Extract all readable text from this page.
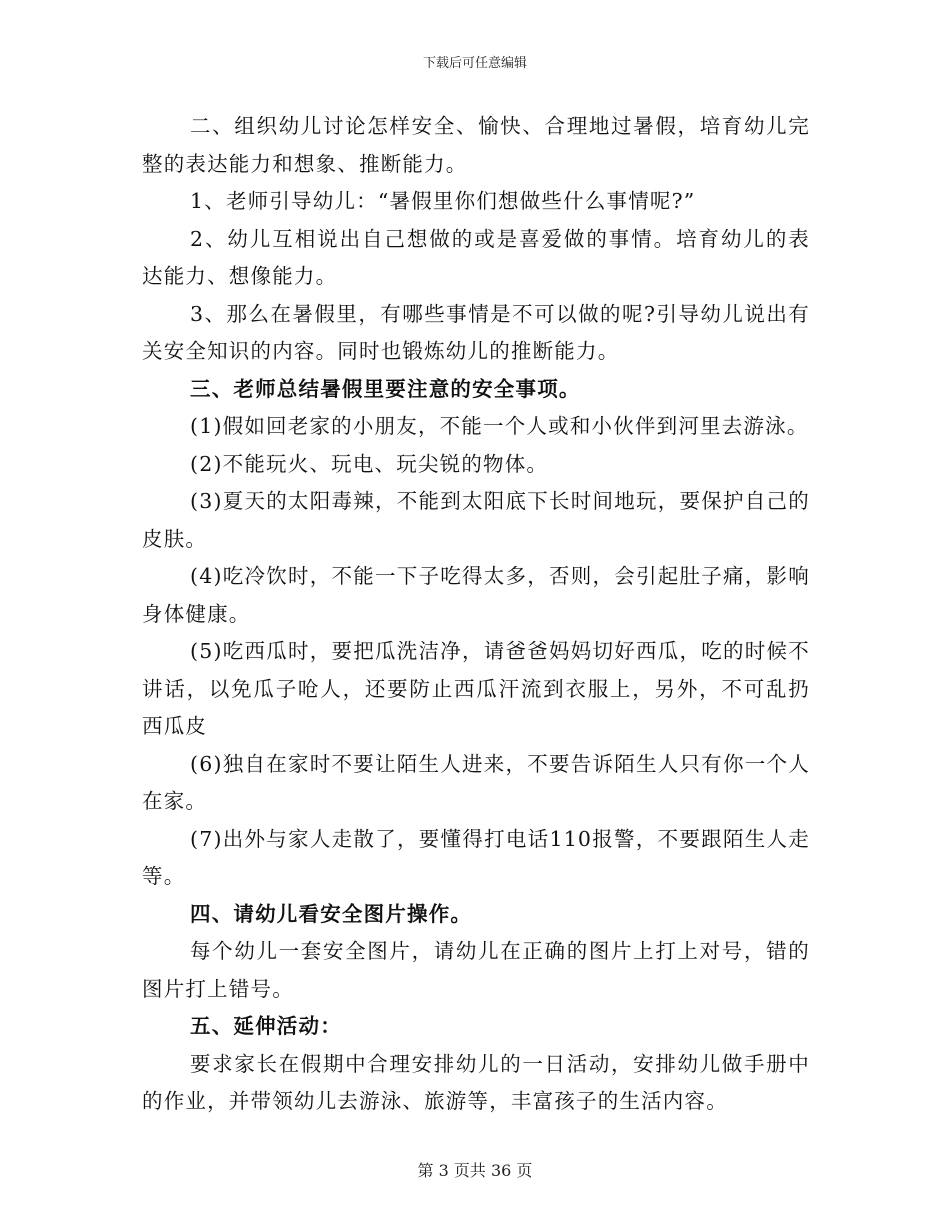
下载后可任意编辑

二、组织幼儿讨论怎样安全、愉快、合理地过暑假，培育幼儿完整的表达能力和想象、推断能力。

1、老师引导幼儿：“暑假里你们想做些什么事情呢?”

2、幼儿互相说出自己想做的或是喜爱做的事情。培育幼儿的表达能力、想像能力。

3、那么在暑假里，有哪些事情是不可以做的呢?引导幼儿说出有关安全知识的内容。同时也锻炼幼儿的推断能力。

三、老师总结暑假里要注意的安全事项。

(1)假如回老家的小朋友，不能一个人或和小伙伴到河里去游泳。

(2)不能玩火、玩电、玩尖锐的物体。

(3)夏天的太阳毒辣，不能到太阳底下长时间地玩，要保护自己的皮肤。

(4)吃冷饮时，不能一下子吃得太多，否则，会引起肚子痛，影响身体健康。

(5)吃西瓜时，要把瓜洗洁净，请爸爸妈妈切好西瓜，吃的时候不讲话，以免瓜子呛人，还要防止西瓜汗流到衣服上，另外，不可乱扔西瓜皮

(6)独自在家时不要让陌生人进来，不要告诉陌生人只有你一个人在家。

(7)出外与家人走散了，要懂得打电话110报警，不要跟陌生人走等。

四、请幼儿看安全图片操作。

每个幼儿一套安全图片，请幼儿在正确的图片上打上对号，错的图片打上错号。

五、延伸活动：

要求家长在假期中合理安排幼儿的一日活动，安排幼儿做手册中的作业，并带领幼儿去游泳、旅游等，丰富孩子的生活内容。

第 3 页共 36 页
